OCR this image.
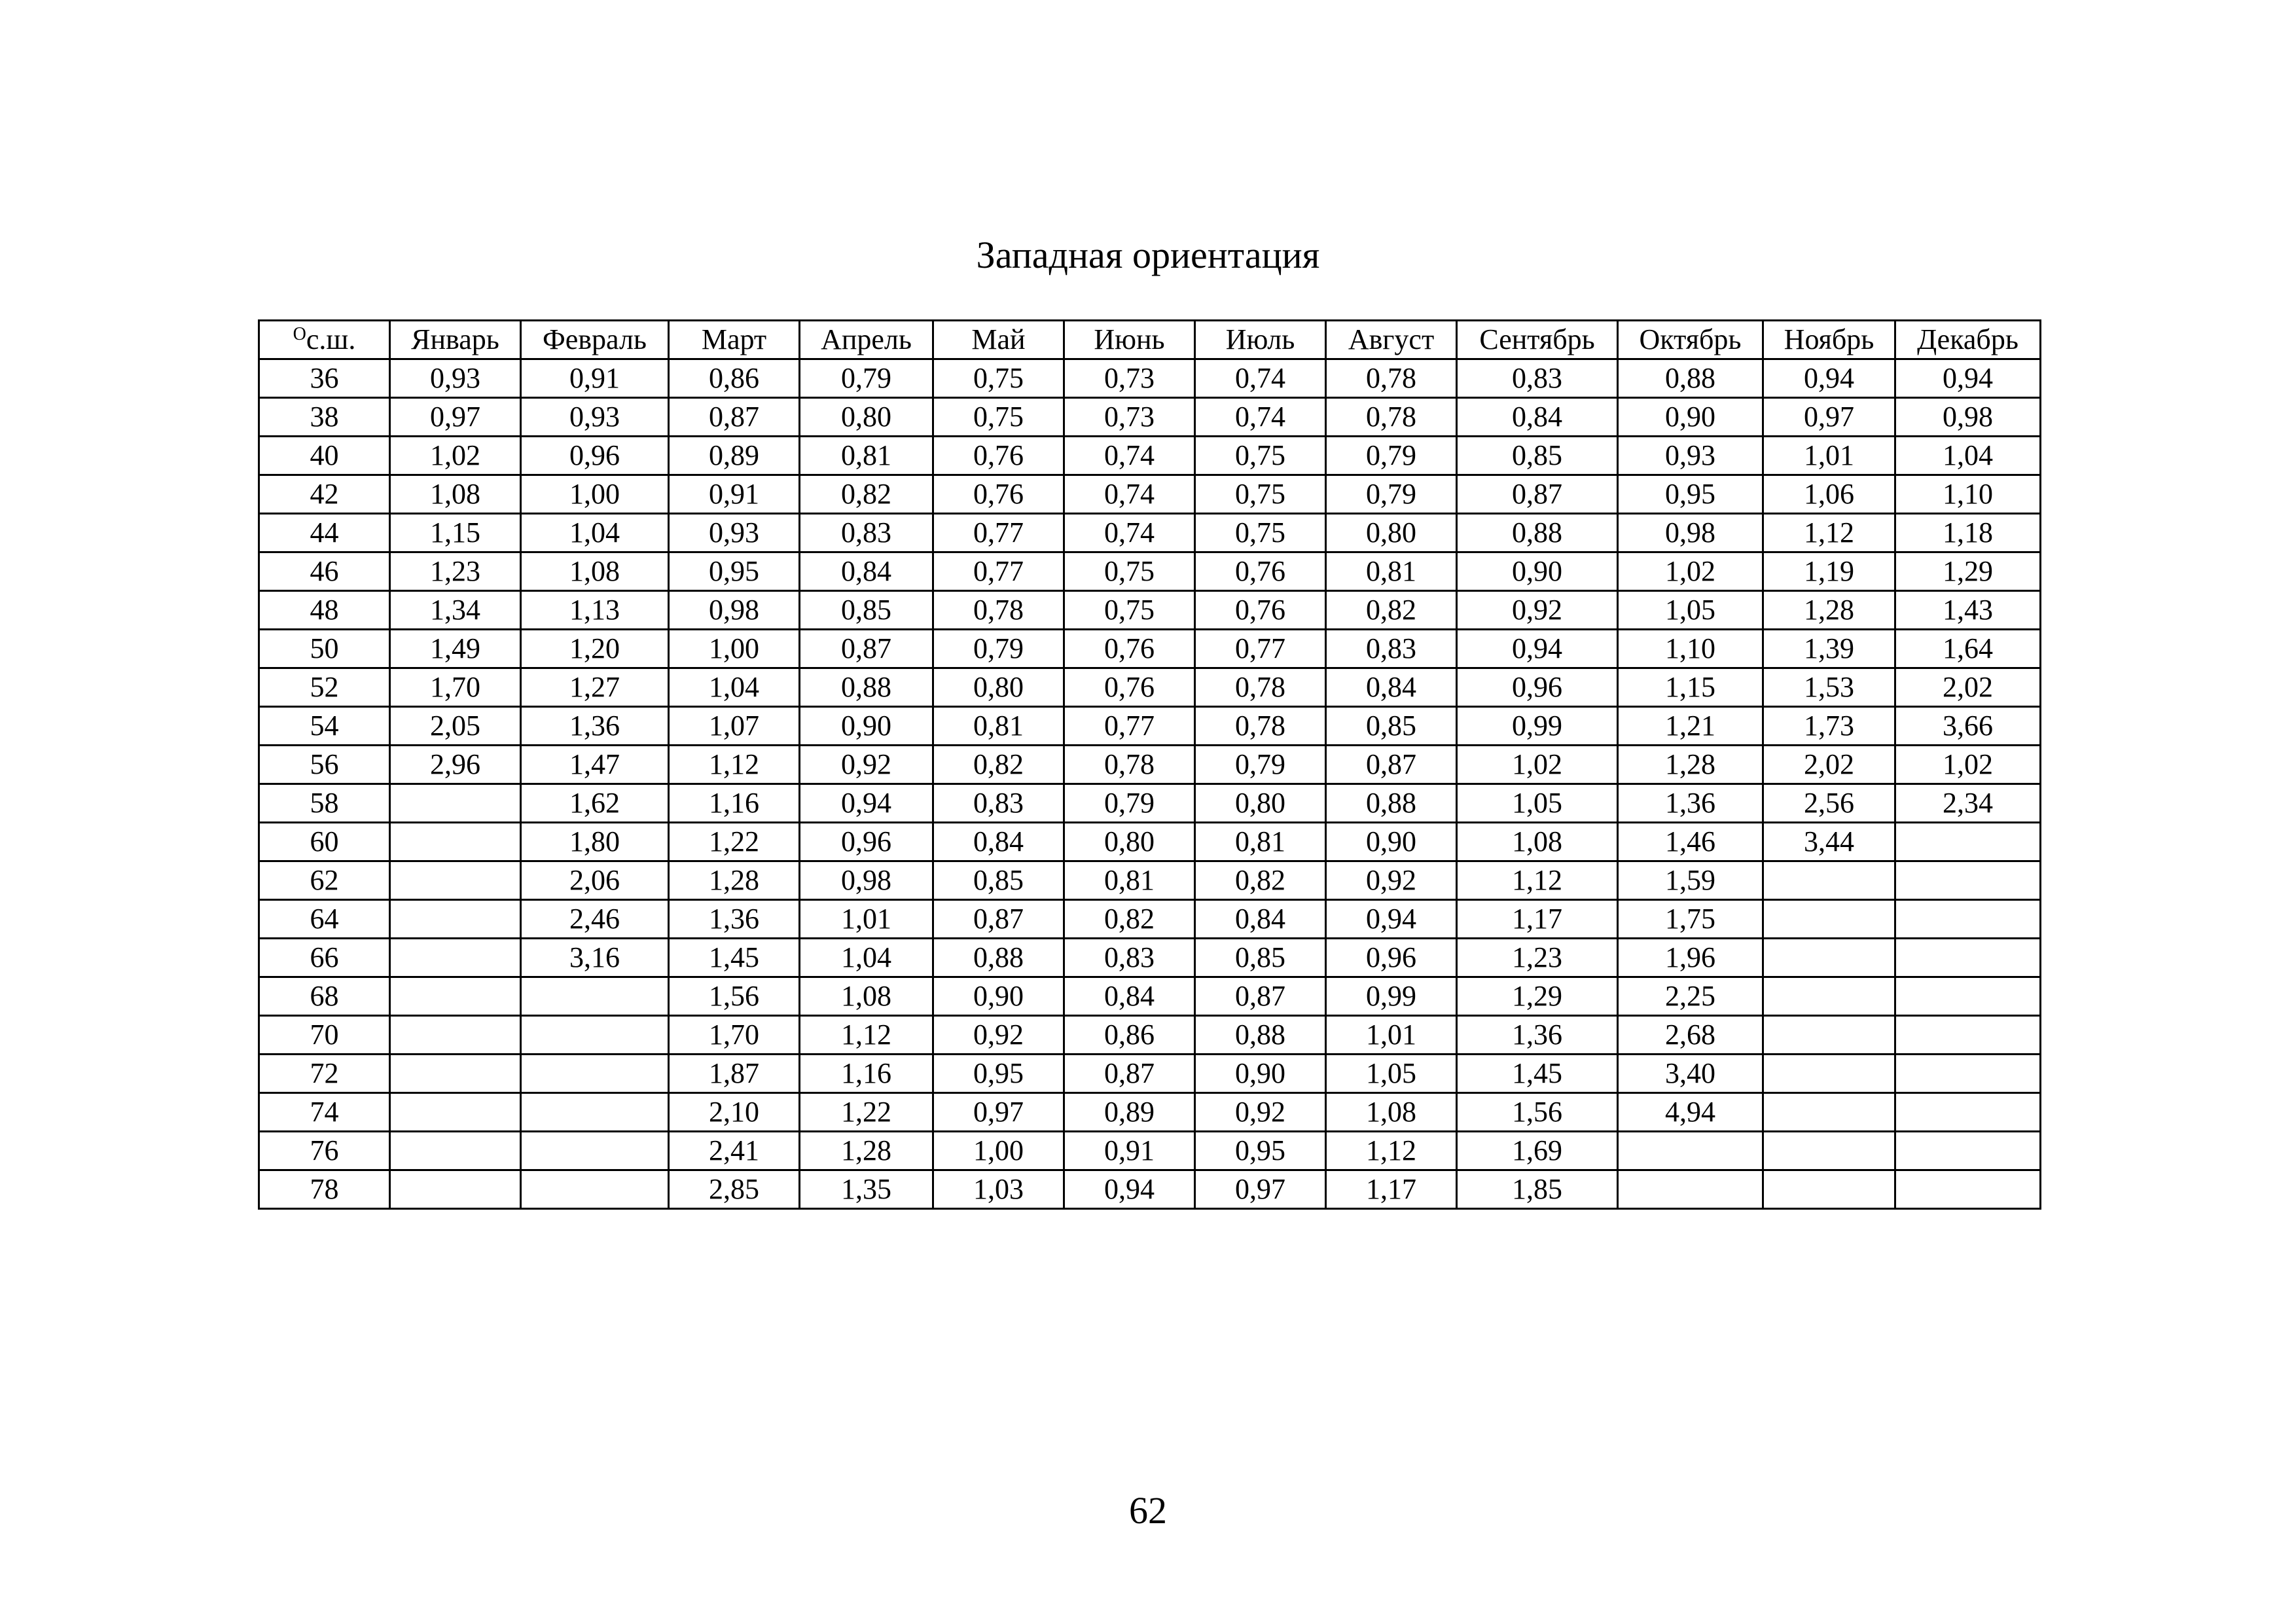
Западная ориентация
$^O$с.ш.	Январь	Февраль	Март	Апрель	Май	Июнь	Июль	Август	Сентябрь	Октябрь	Ноябрь	Декабрь
36	0,93	0,91	0,86	0,79	0,75	0,73	0,74	0,78	0,83	0,88	0,94	0,94
38	0,97	0,93	0,87	0,80	0,75	0,73	0,74	0,78	0,84	0,90	0,97	0,98
40	1,02	0,96	0,89	0,81	0,76	0,74	0,75	0,79	0,85	0,93	1,01	1,04
42	1,08	1,00	0,91	0,82	0,76	0,74	0,75	0,79	0,87	0,95	1,06	1,10
44	1,15	1,04	0,93	0,83	0,77	0,74	0,75	0,80	0,88	0,98	1,12	1,18
46	1,23	1,08	0,95	0,84	0,77	0,75	0,76	0,81	0,90	1,02	1,19	1,29
48	1,34	1,13	0,98	0,85	0,78	0,75	0,76	0,82	0,92	1,05	1,28	1,43
50	1,49	1,20	1,00	0,87	0,79	0,76	0,77	0,83	0,94	1,10	1,39	1,64
52	1,70	1,27	1,04	0,88	0,80	0,76	0,78	0,84	0,96	1,15	1,53	2,02
54	2,05	1,36	1,07	0,90	0,81	0,77	0,78	0,85	0,99	1,21	1,73	3,66
56	2,96	1,47	1,12	0,92	0,82	0,78	0,79	0,87	1,02	1,28	2,02	1,02
58		1,62	1,16	0,94	0,83	0,79	0,80	0,88	1,05	1,36	2,56	2,34
60		1,80	1,22	0,96	0,84	0,80	0,81	0,90	1,08	1,46	3,44	
62		2,06	1,28	0,98	0,85	0,81	0,82	0,92	1,12	1,59		
64		2,46	1,36	1,01	0,87	0,82	0,84	0,94	1,17	1,75		
66		3,16	1,45	1,04	0,88	0,83	0,85	0,96	1,23	1,96		
68			1,56	1,08	0,90	0,84	0,87	0,99	1,29	2,25		
70			1,70	1,12	0,92	0,86	0,88	1,01	1,36	2,68		
72			1,87	1,16	0,95	0,87	0,90	1,05	1,45	3,40		
74			2,10	1,22	0,97	0,89	0,92	1,08	1,56	4,94		
76			2,41	1,28	1,00	0,91	0,95	1,12	1,69			
78			2,85	1,35	1,03	0,94	0,97	1,17	1,85			
62
